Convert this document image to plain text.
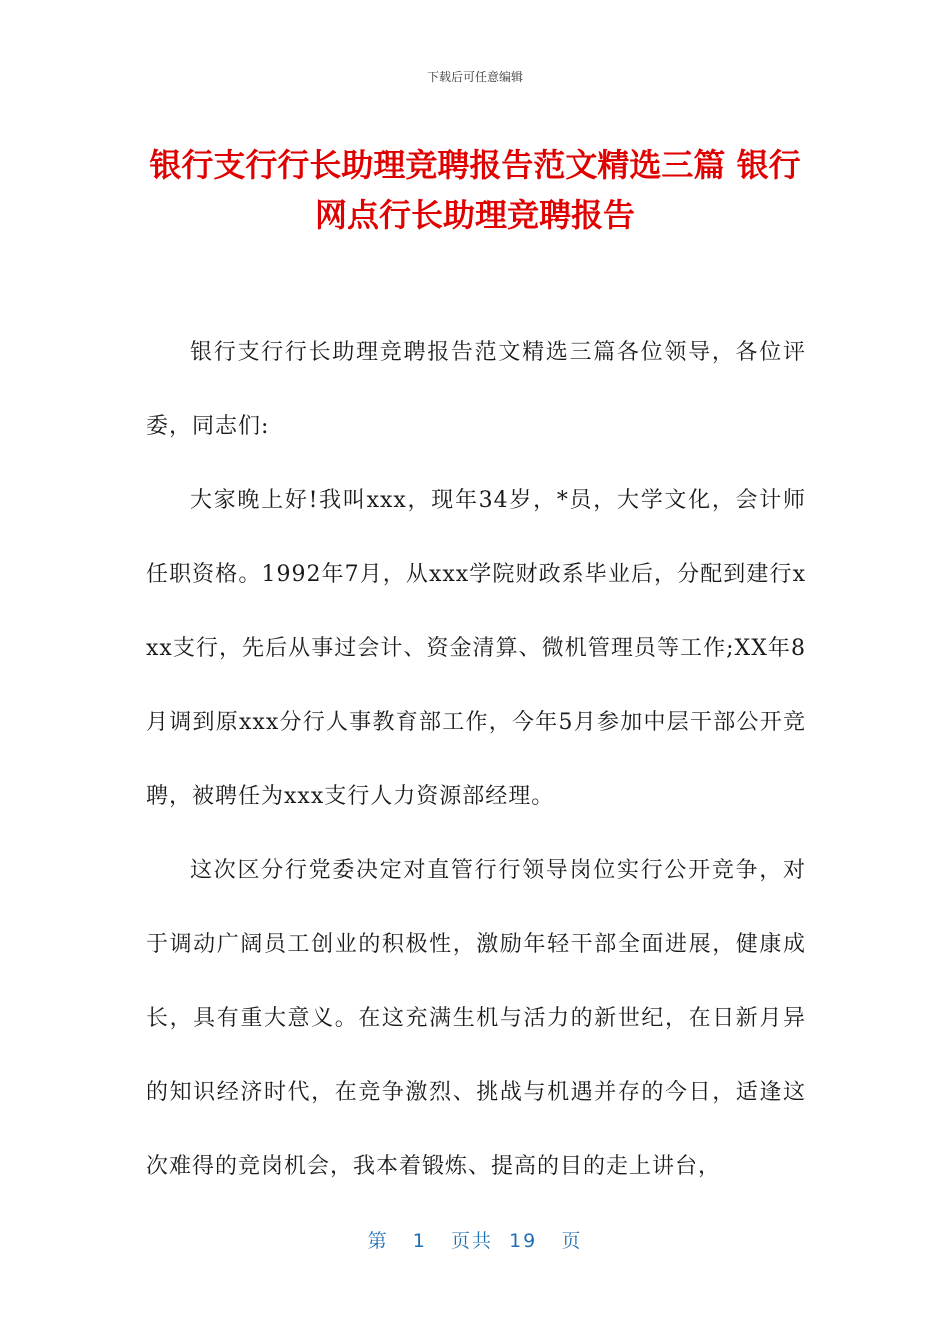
下载后可任意编辑
银行支行行长助理竞聘报告范文精选三篇 银行网点行长助理竞聘报告

银行支行行长助理竞聘报告范文精选三篇各位领导，各位评委，同志们:

大家晚上好!我叫xxx，现年34岁，*员，大学文化，会计师任职资格。1992年7月，从xxx学院财政系毕业后，分配到建行xxx支行，先后从事过会计、资金清算、微机管理员等工作;XX年8月调到原xxx分行人事教育部工作，今年5月参加中层干部公开竞聘，被聘任为xxx支行人力资源部经理。

这次区分行党委决定对直管行行领导岗位实行公开竞争，对于调动广阔员工创业的积极性，激励年轻干部全面进展，健康成长，具有重大意义。在这充满生机与活力的新世纪，在日新月异的知识经济时代，在竞争激烈、挑战与机遇并存的今日，适逢这次难得的竞岗机会，我本着锻炼、提高的目的走上讲台，

第 1 页共 19 页
